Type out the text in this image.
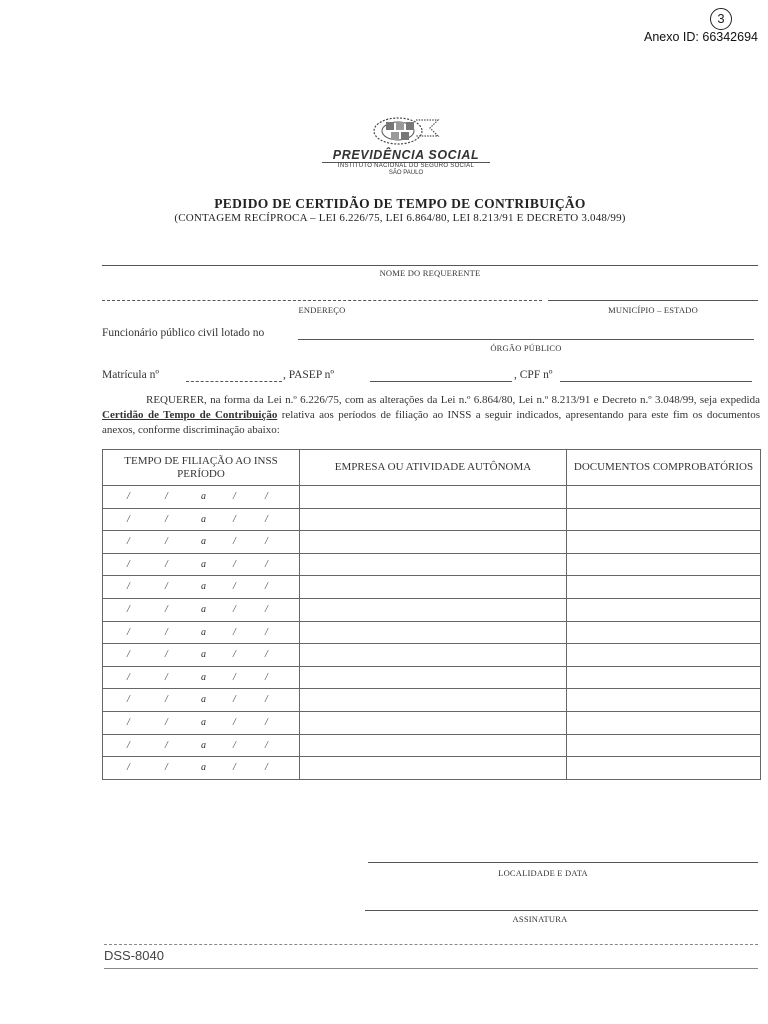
3
Anexo ID: 66342694
PREVIDÊNCIA SOCIAL
INSTITUTO NACIONAL DO SEGURO SOCIAL
SÃO PAULO
PEDIDO DE CERTIDÃO DE TEMPO DE CONTRIBUIÇÃO
(CONTAGEM RECÍPROCA – LEI 6.226/75, LEI 6.864/80, LEI 8.213/91 E DECRETO 3.048/99)
NOME DO REQUERENTE
ENDEREÇO	MUNICÍPIO – ESTADO
Funcionário público civil lotado no
ÓRGÃO PÚBLICO
Matrícula nº	, PASEP nº	, CPF nº
REQUERER, na forma da Lei n.º 6.226/75, com as alterações da Lei n.º 6.864/80, Lei n.º 8.213/91 e Decreto n.º 3.048/99, seja expedida Certidão de Tempo de Contribuição relativa aos períodos de filiação ao INSS a seguir indicados, apresentando para este fim os documentos anexos, conforme discriminação abaixo:
TEMPO DE FILIAÇÃO AO INSS PERÍODO	EMPRESA OU ATIVIDADE AUTÔNOMA	DOCUMENTOS COMPROBATÓRIOS

/ / a / /		

/ / a / /		

/ / a / /		

/ / a / /		

/ / a / /		

/ / a / /		

/ / a / /		

/ / a / /		

/ / a / /		

/ / a / /		

/ / a / /		

/ / a / /		

/ / a / /		

LOCALIDADE E DATA
ASSINATURA
DSS-8040
